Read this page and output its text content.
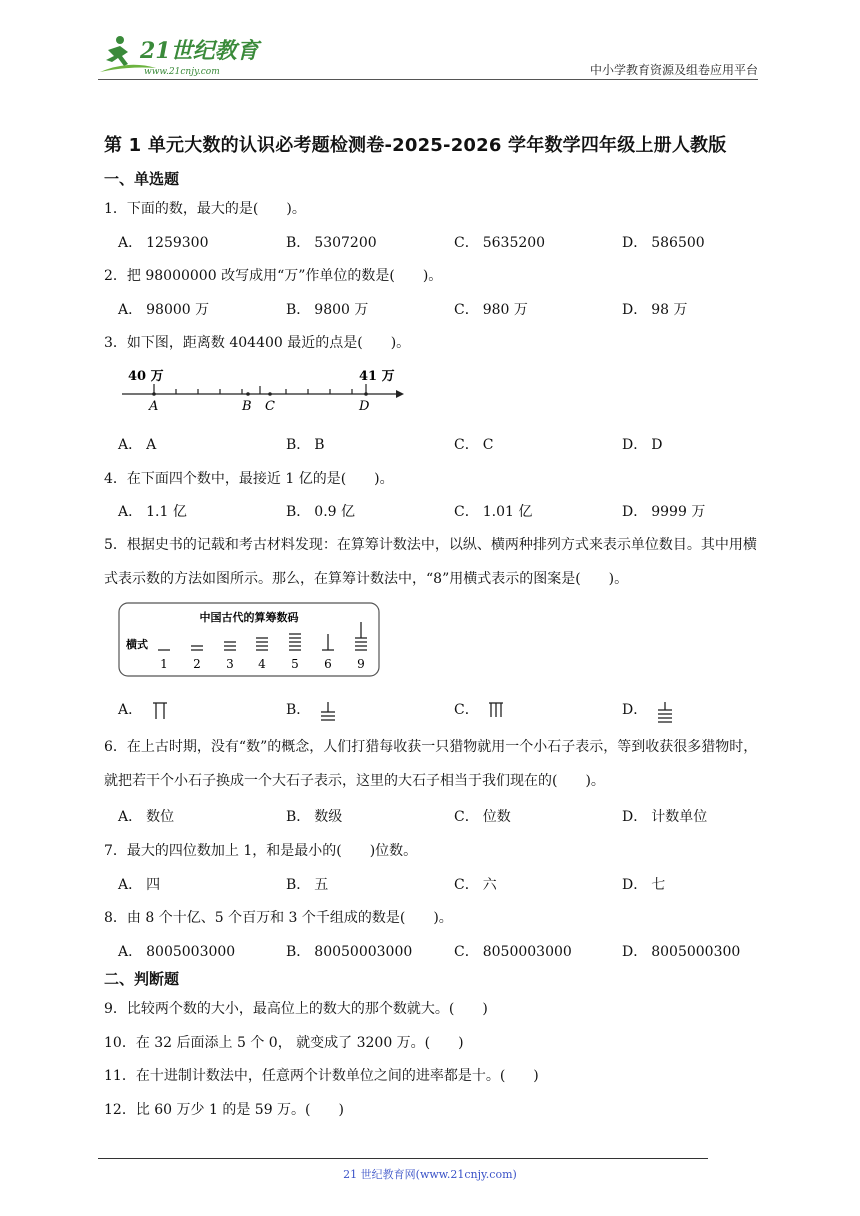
21世纪教育
www.21cnjy.com	中小学教育资源及组卷应用平台
第 1 单元大数的认识必考题检测卷-2025-2026 学年数学四年级上册人教版
一、单选题
1．下面的数，最大的是(　　)。
A． 1259300	B． 5307200	C． 5635200	D． 586500
2．把 98000000 改写成用“万”作单位的数是(　　)。
A． 98000 万	B． 9800 万	C． 980 万	D． 98 万
3．如下图，距离数 404400 最近的点是(　　)。
40 万	41 万
A	B C	D
A． A	B． B	C． C	D． D
4．在下面四个数中，最接近 1 亿的是(　　)。
A． 1.1 亿	B． 0.9 亿	C． 1.01 亿	D． 9999 万
5．根据史书的记载和考古材料发现：在算筹计数法中，以纵、横两种排列方式来表示单位数目。其中用横式表示数的方法如图所示。那么，在算筹计数法中，“8”用横式表示的图案是(　　)。
中国古代的算筹数码
横式
1 2 3 4 5 6 9
A．	B．	C．	D．
6．在上古时期，没有“数”的概念，人们打猎每收获一只猎物就用一个小石子表示，等到收获很多猎物时，就把若干个小石子换成一个大石子表示，这里的大石子相当于我们现在的(　　)。
A． 数位	B． 数级	C． 位数	D． 计数单位
7．最大的四位数加上 1，和是最小的(　　)位数。
A． 四	B． 五	C． 六	D． 七
8．由 8 个十亿、5 个百万和 3 个千组成的数是(　　)。
A． 8005003000	B． 80050003000	C． 8050003000	D． 8005000300
二、判断题
9．比较两个数的大小，最高位上的数大的那个数就大。(　　)
10．在 32 后面添上 5 个 0， 就变成了 3200 万。(　　)
11．在十进制计数法中，任意两个计数单位之间的进率都是十。(　　)
12．比 60 万少 1 的是 59 万。(　　)
21 世纪教育网(www.21cnjy.com)
